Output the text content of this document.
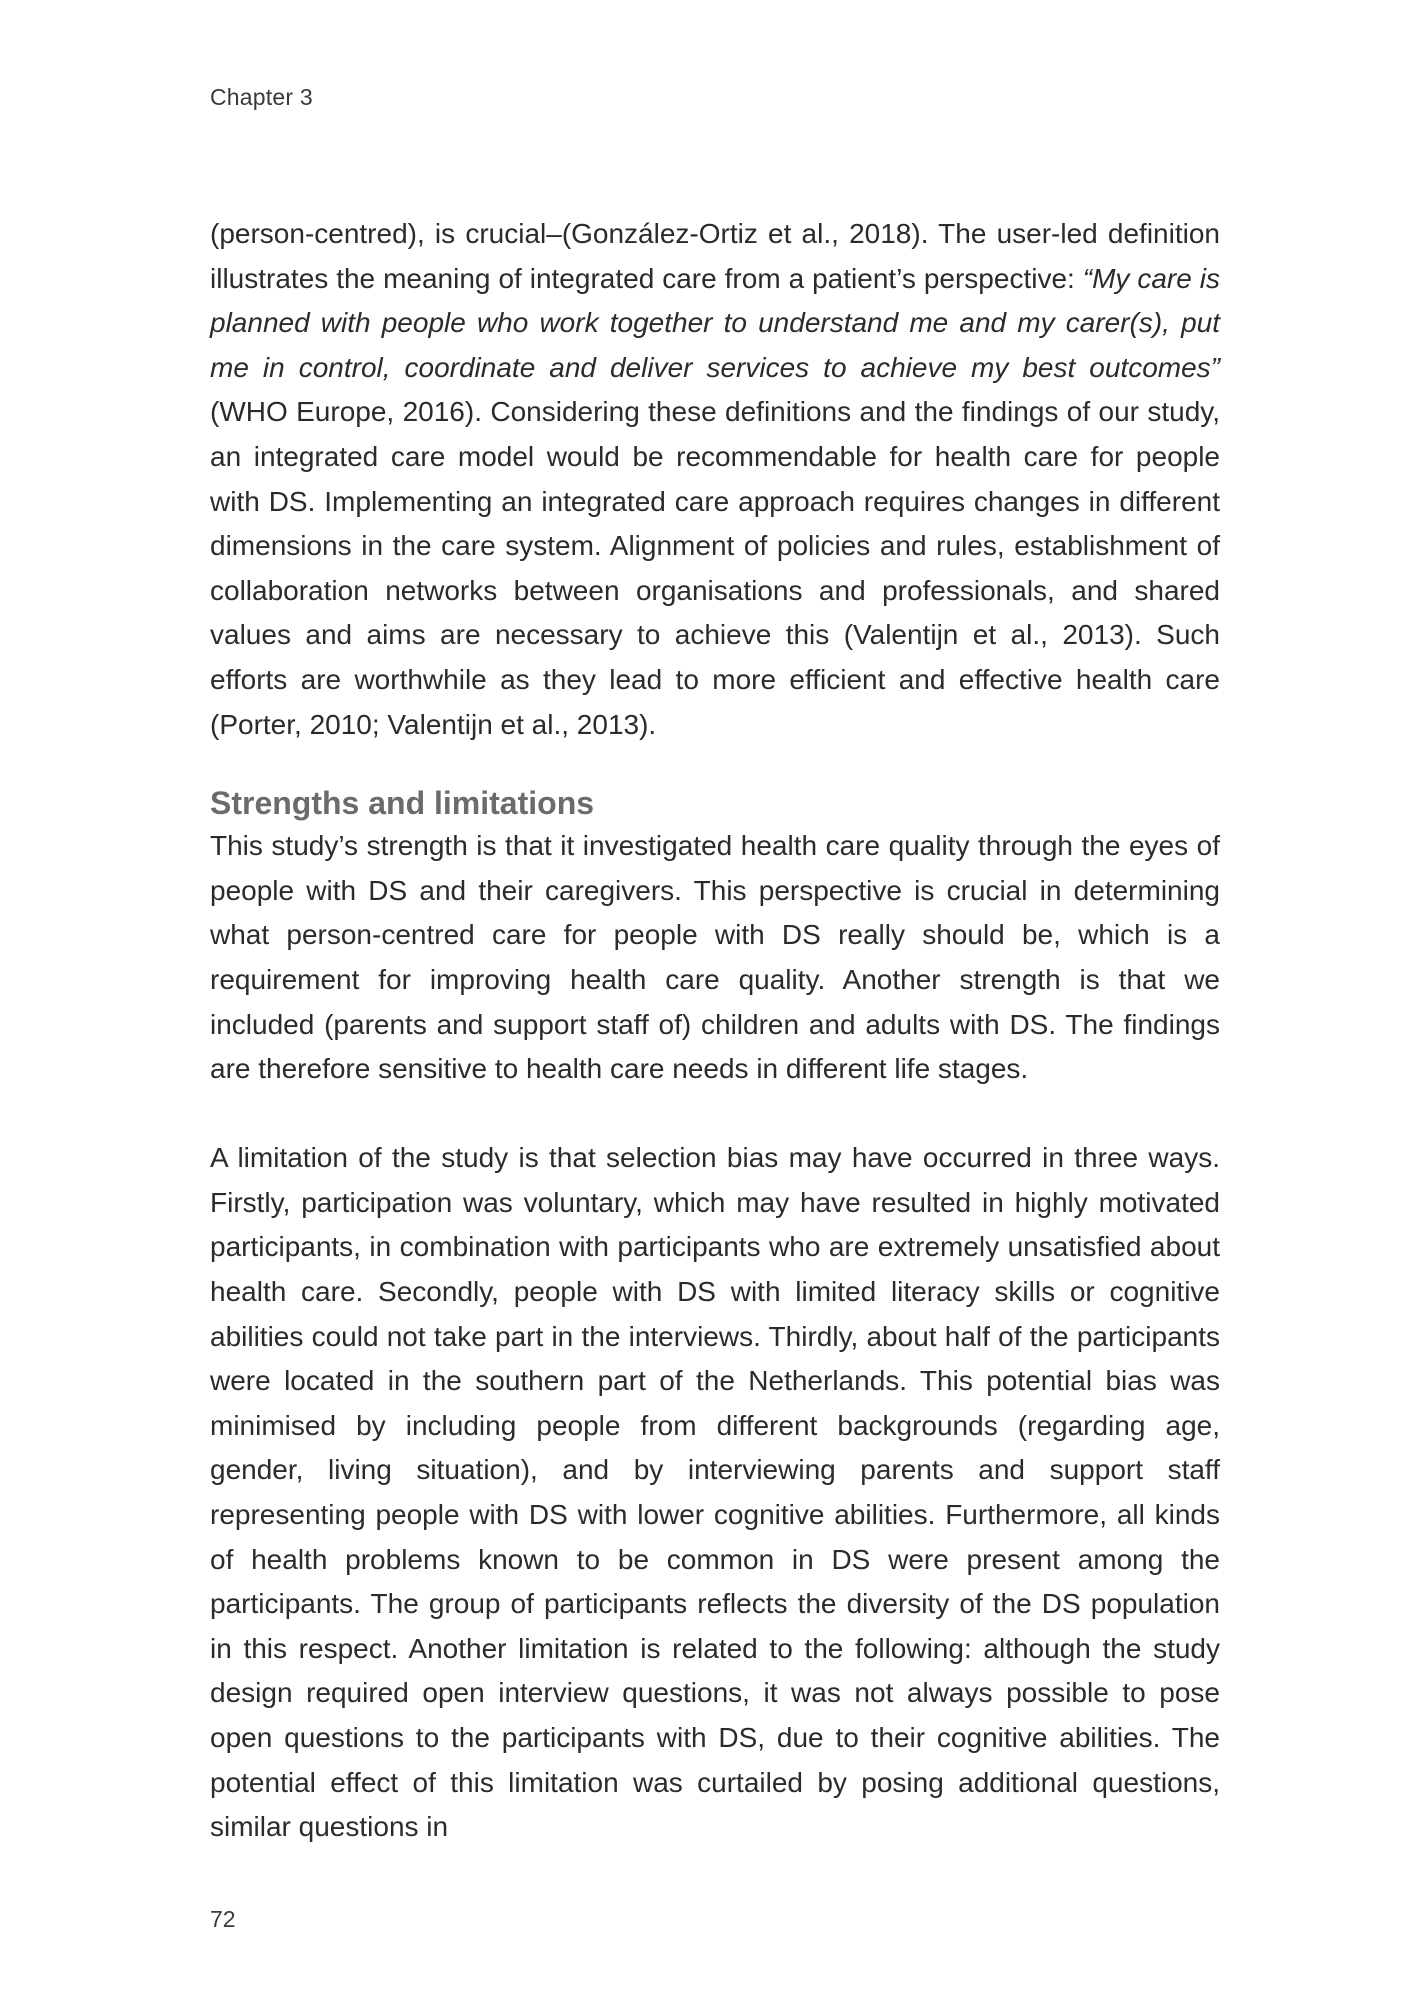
Chapter 3

(person-centred), is crucial–(González-Ortiz et al., 2018). The user-led definition illustrates the meaning of integrated care from a patient’s perspective: “My care is planned with people who work together to understand me and my carer(s), put me in control, coordinate and deliver services to achieve my best outcomes” (WHO Europe, 2016). Considering these definitions and the findings of our study, an integrated care model would be recommendable for health care for people with DS. Implementing an integrated care approach requires changes in different dimensions in the care system. Alignment of policies and rules, establishment of collaboration networks between organisations and professionals, and shared values and aims are necessary to achieve this (Valentijn et al., 2013). Such efforts are worthwhile as they lead to more efficient and effective health care (Porter, 2010; Valentijn et al., 2013).

Strengths and limitations

This study’s strength is that it investigated health care quality through the eyes of people with DS and their caregivers. This perspective is crucial in determining what person-centred care for people with DS really should be, which is a requirement for improving health care quality. Another strength is that we included (parents and support staff of) children and adults with DS. The findings are therefore sensitive to health care needs in different life stages.

A limitation of the study is that selection bias may have occurred in three ways. Firstly, participation was voluntary, which may have resulted in highly motivated participants, in combination with participants who are extremely unsatisfied about health care. Secondly, people with DS with limited literacy skills or cognitive abilities could not take part in the interviews. Thirdly, about half of the participants were located in the southern part of the Netherlands. This potential bias was minimised by including people from different backgrounds (regarding age, gender, living situation), and by interviewing parents and support staff representing people with DS with lower cognitive abilities. Furthermore, all kinds of health problems known to be common in DS were present among the participants. The group of participants reflects the diversity of the DS population in this respect. Another limitation is related to the following: although the study design required open interview questions, it was not always possible to pose open questions to the participants with DS, due to their cognitive abilities. The potential effect of this limitation was curtailed by posing additional questions, similar questions in

72
